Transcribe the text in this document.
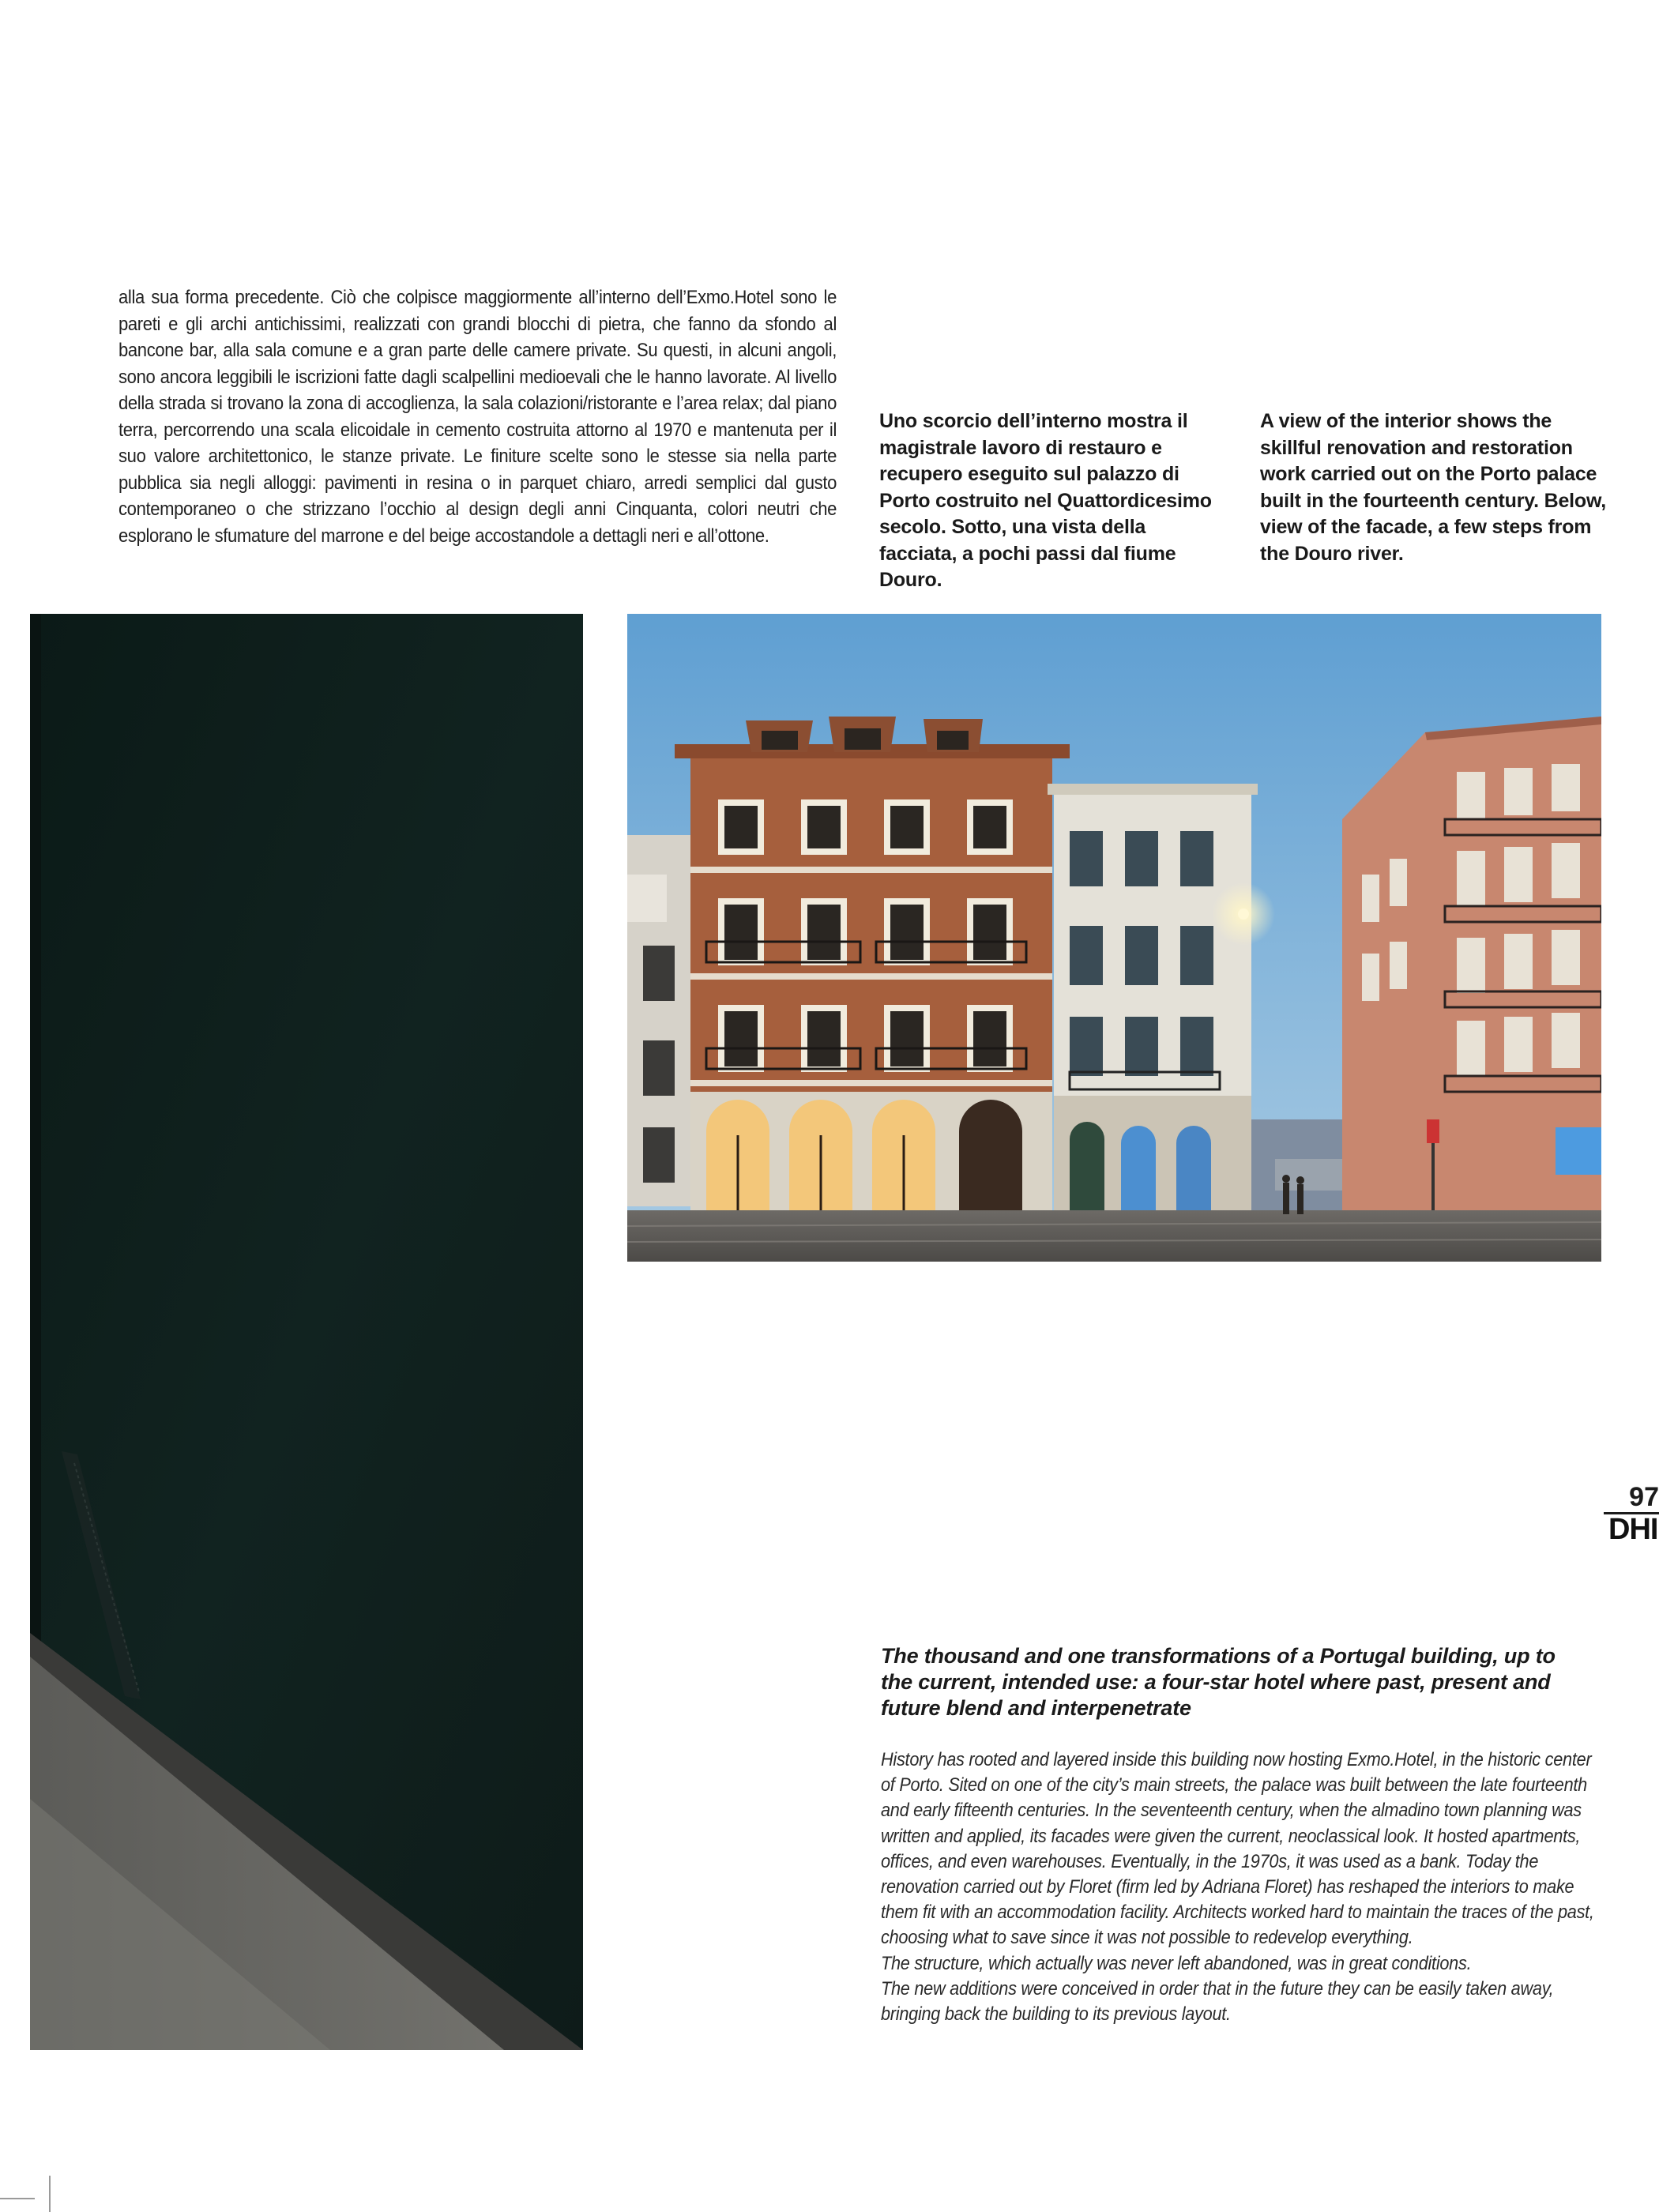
alla sua forma precedente. Ciò che colpisce maggiormente all’interno dell’Exmo.Hotel sono le pareti e gli archi antichissimi, realizzati con grandi blocchi di pietra, che fanno da sfondo al bancone bar, alla sala comune e a gran parte delle camere private. Su questi, in alcuni angoli, sono ancora leggibili le iscrizioni fatte dagli scalpellini medioevali che le hanno lavorate. Al livello della strada si trovano la zona di accoglienza, la sala colazioni/ristorante e l’area relax; dal piano terra, percorrendo una scala elicoidale in cemento costruita attorno al 1970 e mantenuta per il suo valore architettonico, le stanze private. Le finiture scelte sono le stesse sia nella parte pubblica sia negli alloggi: pavimenti in resina o in parquet chiaro, arredi semplici dal gusto contemporaneo o che strizzano l’occhio al design degli anni Cinquanta, colori neutri che esplorano le sfumature del marrone e del beige accostandole a dettagli neri e all’ottone.

Uno scorcio dell’interno mostra il magistrale lavoro di restauro e recupero eseguito sul palazzo di Porto costruito nel Quattordicesimo secolo. Sotto, una vista della facciata, a pochi passi dal fiume Douro.
A view of the interior shows the skillful renovation and restoration work carried out on the Porto palace built in the fourteenth century. Below, view of the facade, a few steps from the Douro river.
97
DHI
The thousand and one transformations of a Portugal building, up to the current, intended use: a four-star hotel where past, present and future blend and interpenetrate

History has rooted and layered inside this building now hosting Exmo.Hotel, in the historic center of Porto. Sited on one of the city’s main streets, the palace was built between the late fourteenth and early fifteenth centuries. In the seventeenth century, when the almadino town planning was written and applied, its facades were given the current, neoclassical look. It hosted apartments, offices, and even warehouses. Eventually, in the 1970s, it was used as a bank. Today the renovation carried out by Floret (firm led by Adriana Floret) has reshaped the interiors to make them fit with an accommodation facility. Architects worked hard to maintain the traces of the past, choosing what to save since it was not possible to redevelop everything.

The structure, which actually was never left abandoned, was in great conditions.

The new additions were conceived in order that in the future they can be easily taken away, bringing back the building to its previous layout.
